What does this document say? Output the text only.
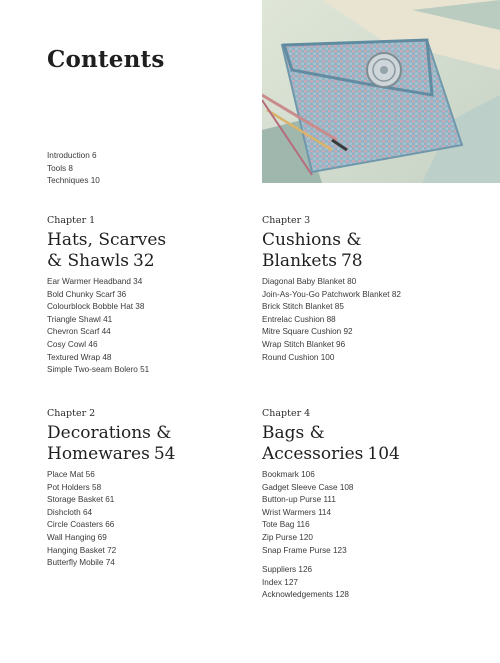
Contents
Introduction 6
Tools 8
Techniques 10
Chapter 1
Hats, Scarves
& Shawls 32
Ear Warmer Headband 34
Bold Chunky Scarf 36
Colourblock Bobble Hat 38
Triangle Shawl 41
Chevron Scarf 44
Cosy Cowl 46
Textured Wrap 48
Simple Two-seam Bolero 51
Chapter 3
Cushions &
Blankets 78
Diagonal Baby Blanket 80
Join-As-You-Go Patchwork Blanket 82
Brick Stitch Blanket 85
Entrelac Cushion 88
Mitre Square Cushion 92
Wrap Stitch Blanket 96
Round Cushion 100
Chapter 2
Decorations &
Homewares 54
Place Mat 56
Pot Holders 58
Storage Basket 61
Dishcloth 64
Circle Coasters 66
Wall Hanging 69
Hanging Basket 72
Butterfly Mobile 74
Chapter 4
Bags &
Accessories 104
Bookmark 106
Gadget Sleeve Case 108
Button-up Purse 111
Wrist Warmers 114
Tote Bag 116
Zip Purse 120
Snap Frame Purse 123
Suppliers 126
Index 127
Acknowledgements 128
